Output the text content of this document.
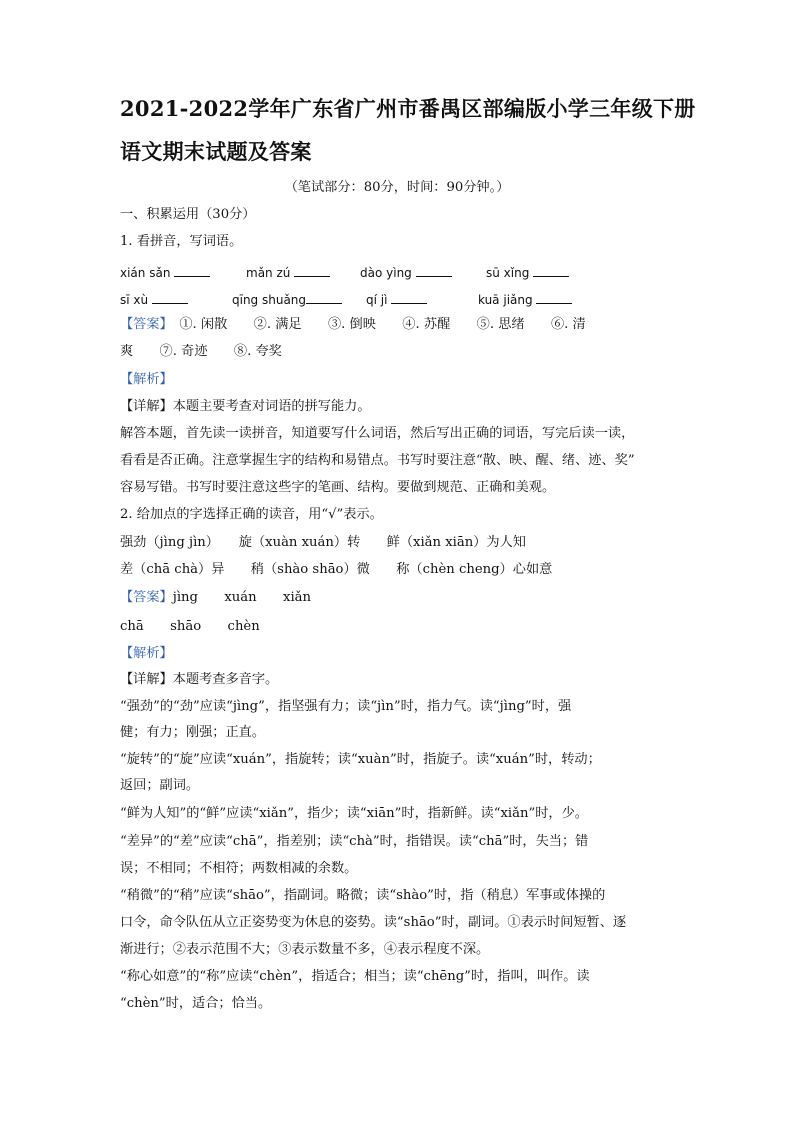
2021-2022学年广东省广州市番禺区部编版小学三年级下册
语文期末试题及答案
（笔试部分：80分，时间：90分钟。）
一、积累运用（30分）
1. 看拼音，写词语。
xián sǎn	mǎn zú	dào yìng	sū xǐng
sī xù	qīng shuǎng	qí jì	kuā jiǎng
【答案】　 ①. 闲散　　②. 满足　　③. 倒映　　④. 苏醒　　⑤. 思绪　　⑥. 清
爽　　⑦. 奇迹　　⑧. 夸奖
【解析】
【详解】本题主要考查对词语的拼写能力。
解答本题，首先读一读拼音，知道要写什么词语，然后写出正确的词语，写完后读一读，
看看是否正确。注意掌握生字的结构和易错点。书写时要注意“散、映、醒、绪、迹、奖”
容易写错。书写时要注意这些字的笔画、结构。要做到规范、正确和美观。
2. 给加点的字选择正确的读音，用“√”表示。
强劲（jìng jìn）　　旋（xuàn xuán）转　　鲜（xiǎn xiān）为人知
差（chā chà）异　　稍（shào shāo）微　　称（chèn cheng）心如意
【答案】jìng　　xuán　　xiǎn
chā　　shāo　　chèn
【解析】
【详解】本题考查多音字。
“强劲”的“劲”应读“jìng”，指坚强有力；读“jìn”时，指力气。读“jìng”时，强
健；有力；刚强；正直。
“旋转”的“旋”应读“xuán”，指旋转；读“xuàn”时，指旋子。读“xuán”时，转动；
返回；副词。
“鲜为人知”的“鲜”应读“xiǎn”，指少；读“xiān”时，指新鲜。读“xiǎn”时，少。
“差异”的“差”应读“chā”，指差别；读“chà”时，指错误。读“chā”时，失当；错
误；不相同；不相符；两数相减的余数。
“稍微”的“稍”应读“shāo”，指副词。略微；读“shào”时，指（稍息）军事或体操的
口令，命令队伍从立正姿势变为休息的姿势。读“shāo”时，副词。①表示时间短暂、逐
渐进行；②表示范围不大；③表示数量不多，④表示程度不深。
“称心如意”的“称”应读“chèn”，指适合；相当；读“chēng”时，指叫，叫作。读
“chèn”时，适合；恰当。
